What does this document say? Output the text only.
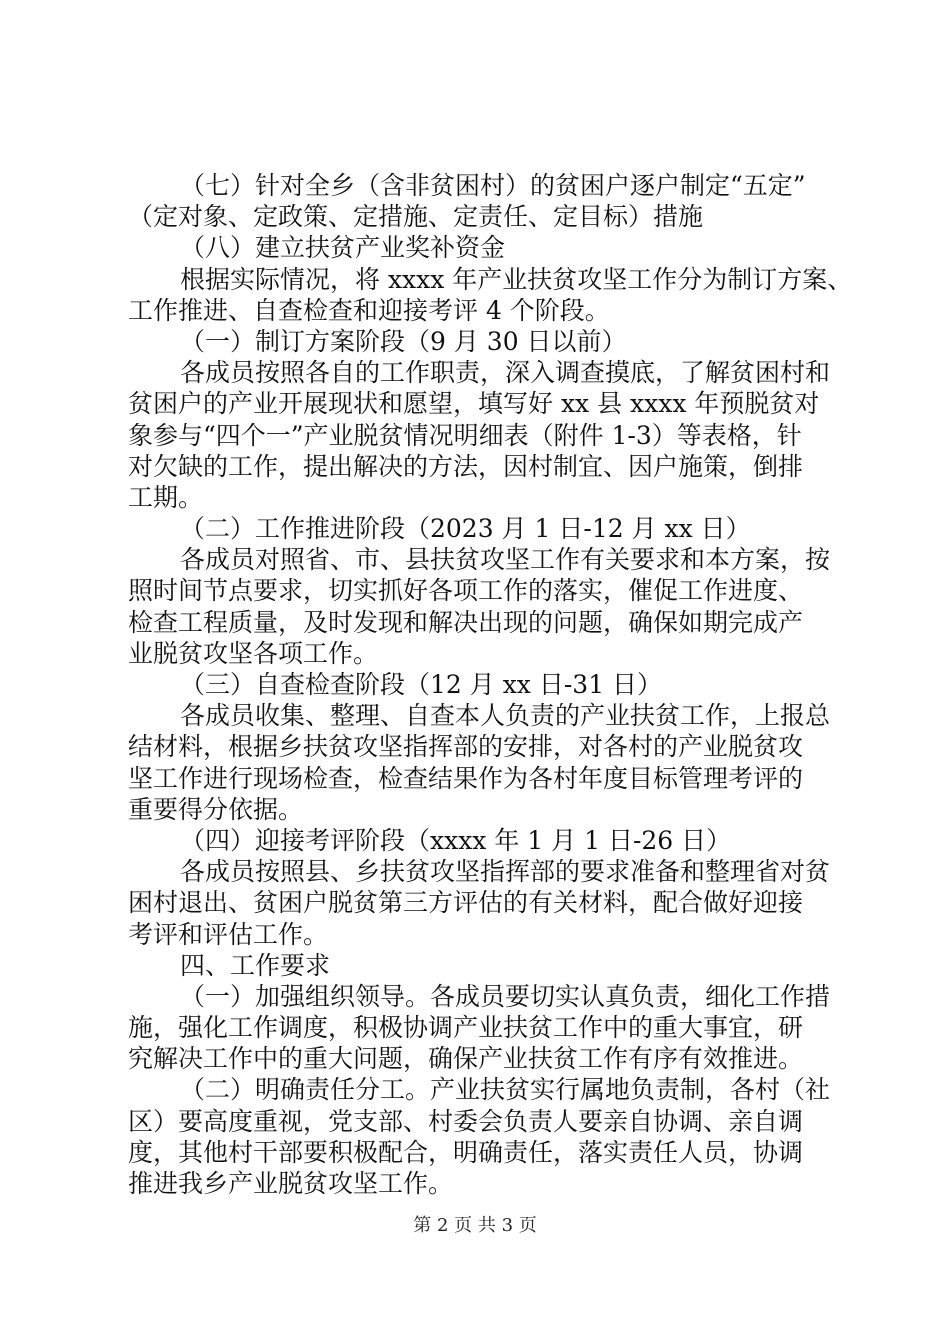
（七）针对全乡（含非贫困村）的贫困户逐户制定“五定”
（定对象、定政策、定措施、定责任、定目标）措施
（八）建立扶贫产业奖补资金
根据实际情况，将 xxxx 年产业扶贫攻坚工作分为制订方案、
工作推进、自查检查和迎接考评 4 个阶段。
（一）制订方案阶段（9 月 30 日以前）
各成员按照各自的工作职责，深入调查摸底，了解贫困村和
贫困户的产业开展现状和愿望，填写好 xx 县 xxxx 年预脱贫对
象参与“四个一”产业脱贫情况明细表（附件 1-3）等表格，针
对欠缺的工作，提出解决的方法，因村制宜、因户施策，倒排
工期。
（二）工作推进阶段（2023 月 1 日-12 月 xx 日）
各成员对照省、市、县扶贫攻坚工作有关要求和本方案，按
照时间节点要求，切实抓好各项工作的落实，催促工作进度、
检查工程质量，及时发现和解决出现的问题，确保如期完成产
业脱贫攻坚各项工作。
（三）自查检查阶段（12 月 xx 日-31 日）
各成员收集、整理、自查本人负责的产业扶贫工作，上报总
结材料，根据乡扶贫攻坚指挥部的安排，对各村的产业脱贫攻
坚工作进行现场检查，检查结果作为各村年度目标管理考评的
重要得分依据。
（四）迎接考评阶段（xxxx 年 1 月 1 日-26 日）
各成员按照县、乡扶贫攻坚指挥部的要求准备和整理省对贫
困村退出、贫困户脱贫第三方评估的有关材料，配合做好迎接
考评和评估工作。
四、工作要求
（一）加强组织领导。各成员要切实认真负责，细化工作措
施，强化工作调度，积极协调产业扶贫工作中的重大事宜，研
究解决工作中的重大问题，确保产业扶贫工作有序有效推进。
（二）明确责任分工。产业扶贫实行属地负责制，各村（社
区）要高度重视，党支部、村委会负责人要亲自协调、亲自调
度，其他村干部要积极配合，明确责任，落实责任人员，协调
推进我乡产业脱贫攻坚工作。
第 2 页 共 3 页
